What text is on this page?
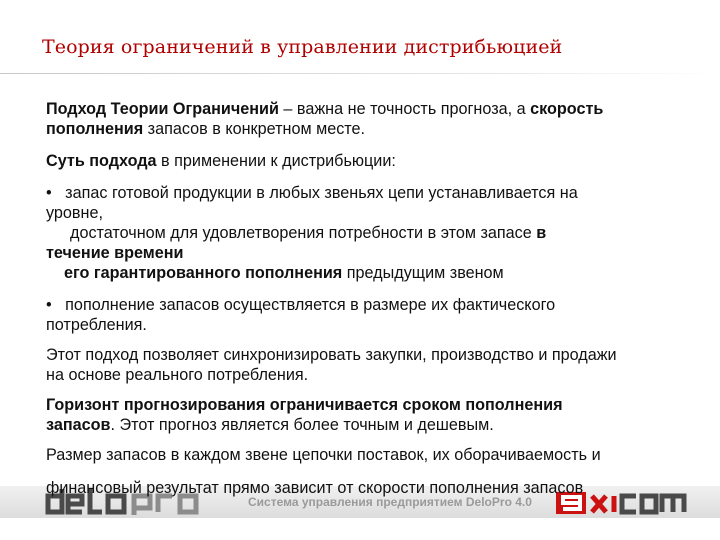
Теория ограничений в управлении дистрибьюцией
Подход Теории Ограничений – важна не точность прогноза, а скорость
пополнения запасов в конкретном месте.
Суть подхода в применении к дистрибьюции:
• запас готовой продукции в любых звеньях цепи устанавливается на
уровне,
достаточном для удовлетворения потребности в этом запасе в
течение времени
его гарантированного пополнения предыдущим звеном
• пополнение запасов осуществляется в размере их фактического
потребления.
Этот подход позволяет синхронизировать закупки, производство и продажи
на основе реального потребления.
Горизонт прогнозирования ограничивается сроком пополнения
запасов. Этот прогноз является более точным и дешевым.
Размер запасов в каждом звене цепочки поставок, их оборачиваемость и
Система управления предприятием DeloPro 4.0
финансовый результат прямо зависит от скорости пополнения запасов
